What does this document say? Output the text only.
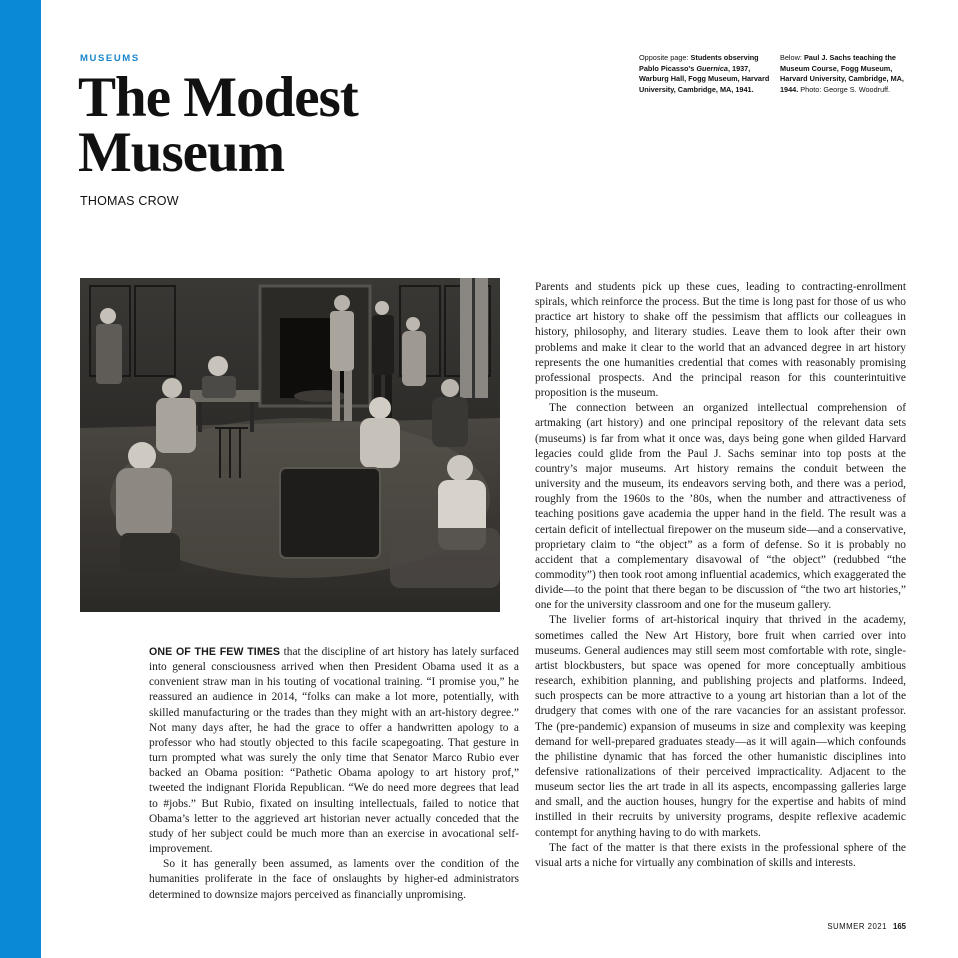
MUSEUMS
The Modest
Museum
THOMAS CROW
Opposite page: Students observing Pablo Picasso's Guernica, 1937, Warburg Hall, Fogg Museum, Harvard University, Cambridge, MA, 1941.
Below: Paul J. Sachs teaching the Museum Course, Fogg Museum, Harvard University, Cambridge, MA, 1944. Photo: George S. Woodruff.

ONE OF THE FEW TIMES that the discipline of art history has lately surfaced into general consciousness arrived when then President Obama used it as a convenient straw man in his touting of vocational training. “I promise you,” he reassured an audience in 2014, “folks can make a lot more, potentially, with skilled manufacturing or the trades than they might with an art-history degree.” Not many days after, he had the grace to offer a handwritten apology to a professor who had stoutly objected to this facile scapegoating. That gesture in turn prompted what was surely the only time that Senator Marco Rubio ever backed an Obama position: “Pathetic Obama apology to art history prof,” tweeted the indignant Florida Republican. “We do need more degrees that lead to #jobs.” But Rubio, fixated on insulting intellectuals, failed to notice that Obama’s letter to the aggrieved art historian never actually conceded that the study of her subject could be much more than an exercise in avocational self-improvement.

So it has generally been assumed, as laments over the condition of the humanities proliferate in the face of onslaughts by higher-ed administrators determined to downsize majors perceived as financially unpromising.

Parents and students pick up these cues, leading to contracting-enrollment spirals, which reinforce the process. But the time is long past for those of us who practice art history to shake off the pessimism that afflicts our colleagues in history, philosophy, and literary studies. Leave them to look after their own problems and make it clear to the world that an advanced degree in art history represents the one humanities credential that comes with reasonably promising professional prospects. And the principal reason for this counterintuitive proposition is the museum.

The connection between an organized intellectual comprehension of artmaking (art history) and one principal repository of the relevant data sets (museums) is far from what it once was, days being gone when gilded Harvard legacies could glide from the Paul J. Sachs seminar into top posts at the country’s major museums. Art history remains the conduit between the university and the museum, its endeavors serving both, and there was a period, roughly from the 1960s to the ’80s, when the number and attractiveness of teaching positions gave academia the upper hand in the field. The result was a certain deficit of intellectual firepower on the museum side—and a conservative, proprietary claim to “the object” as a form of defense. So it is probably no accident that a complementary disavowal of “the object” (redubbed “the commodity”) then took root among influential academics, which exaggerated the divide—to the point that there began to be discussion of “the two art histories,” one for the university classroom and one for the museum gallery.

The livelier forms of art-historical inquiry that thrived in the academy, sometimes called the New Art History, bore fruit when carried over into museums. General audiences may still seem most comfortable with rote, single-artist blockbusters, but space was opened for more conceptually ambitious research, exhibition planning, and publishing projects and platforms. Indeed, such prospects can be more attractive to a young art historian than a lot of the drudgery that comes with one of the rare vacancies for an assistant professor. The (pre-pandemic) expansion of museums in size and complexity was keeping demand for well-prepared graduates steady—as it will again—which confounds the philistine dynamic that has forced the other humanistic disciplines into defensive rationalizations of their perceived impracticality. Adjacent to the museum sector lies the art trade in all its aspects, encompassing galleries large and small, and the auction houses, hungry for the expertise and habits of mind instilled in their recruits by university programs, despite reflexive academic contempt for anything having to do with markets.

The fact of the matter is that there exists in the professional sphere of the visual arts a niche for virtually any combination of skills and interests.

SUMMER 2021 165
